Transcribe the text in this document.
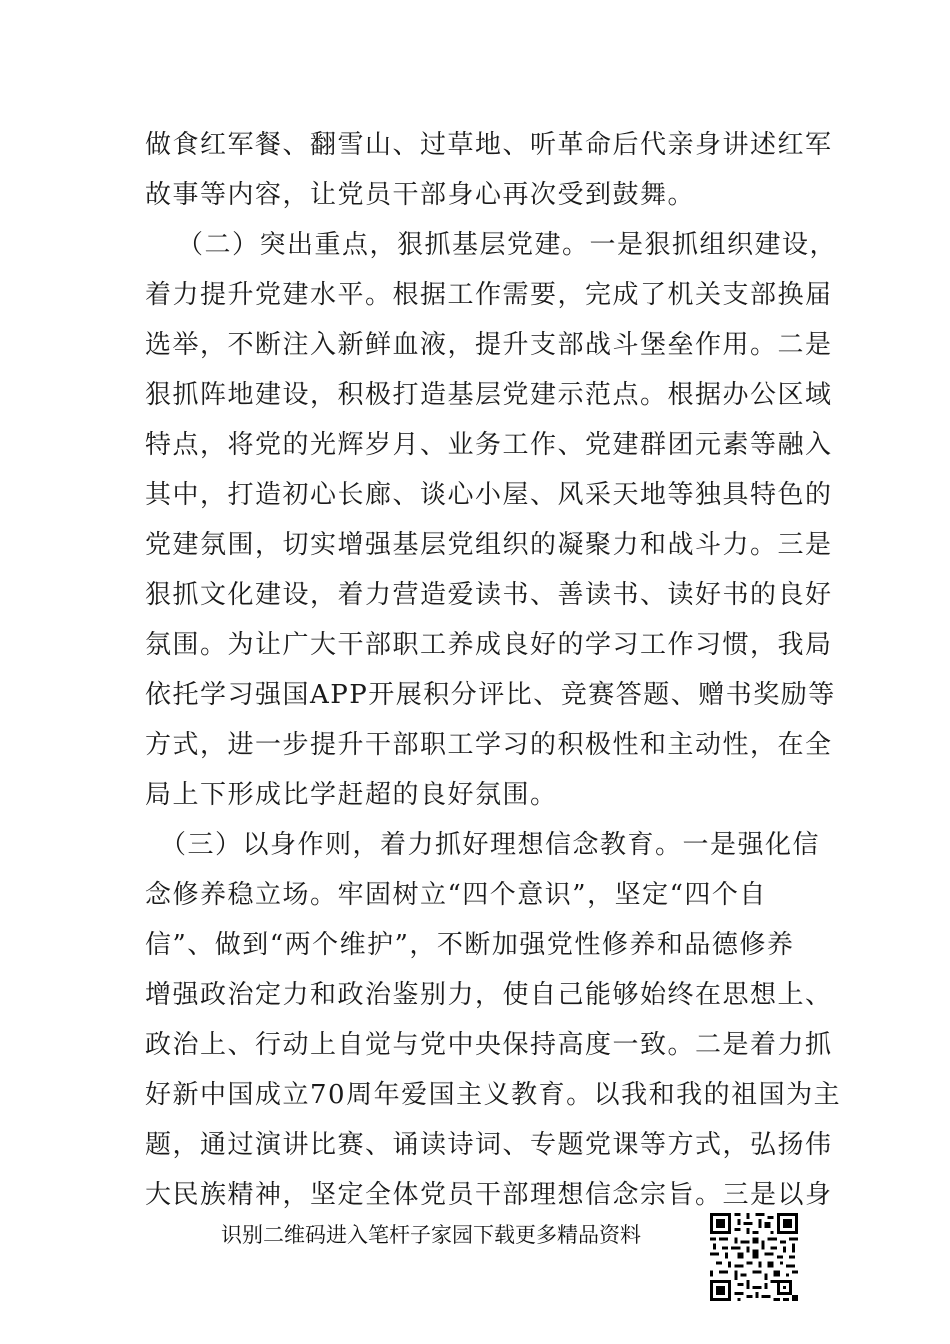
做食红军餐、翻雪山、过草地、听革命后代亲身讲述红军
故事等内容，让党员干部身心再次受到鼓舞。
（二）突出重点，狠抓基层党建。一是狠抓组织建设，
着力提升党建水平。根据工作需要，完成了机关支部换届
选举，不断注入新鲜血液，提升支部战斗堡垒作用。二是
狠抓阵地建设，积极打造基层党建示范点。根据办公区域
特点，将党的光辉岁月、业务工作、党建群团元素等融入
其中，打造初心长廊、谈心小屋、风采天地等独具特色的
党建氛围，切实增强基层党组织的凝聚力和战斗力。三是
狠抓文化建设，着力营造爱读书、善读书、读好书的良好
氛围。为让广大干部职工养成良好的学习工作习惯，我局
依托学习强国APP开展积分评比、竞赛答题、赠书奖励等
方式，进一步提升干部职工学习的积极性和主动性，在全
局上下形成比学赶超的良好氛围。
（三）以身作则，着力抓好理想信念教育。一是强化信
念修养稳立场。牢固树立“四个意识”，坚定“四个自
信”、做到“两个维护”，不断加强党性修养和品德修养
增强政治定力和政治鉴别力，使自己能够始终在思想上、
政治上、行动上自觉与党中央保持高度一致。二是着力抓
好新中国成立70周年爱国主义教育。以我和我的祖国为主
题，通过演讲比赛、诵读诗词、专题党课等方式，弘扬伟
大民族精神，坚定全体党员干部理想信念宗旨。三是以身
识别二维码进入笔杆子家园下载更多精品资料
